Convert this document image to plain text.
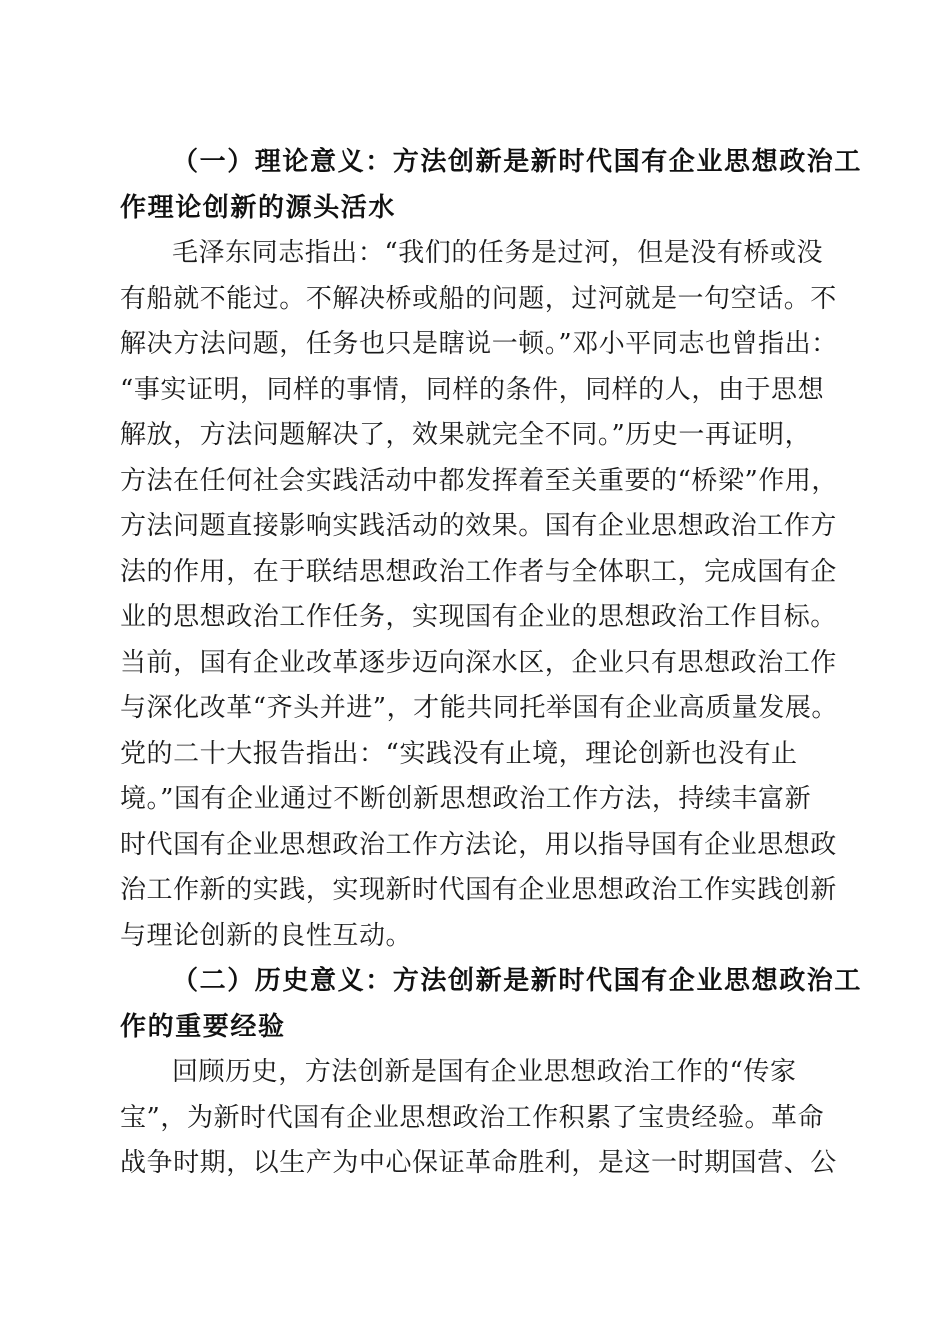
（一）理论意义：方法创新是新时代国有企业思想政治工
作理论创新的源头活水
毛泽东同志指出：“我们的任务是过河，但是没有桥或没
有船就不能过。不解决桥或船的问题，过河就是一句空话。不
解决方法问题，任务也只是瞎说一顿。”邓小平同志也曾指出：
“事实证明，同样的事情，同样的条件，同样的人，由于思想
解放，方法问题解决了，效果就完全不同。”历史一再证明，
方法在任何社会实践活动中都发挥着至关重要的“桥梁”作用，
方法问题直接影响实践活动的效果。国有企业思想政治工作方
法的作用，在于联结思想政治工作者与全体职工，完成国有企
业的思想政治工作任务，实现国有企业的思想政治工作目标。
当前，国有企业改革逐步迈向深水区，企业只有思想政治工作
与深化改革“齐头并进”，才能共同托举国有企业高质量发展。
党的二十大报告指出：“实践没有止境，理论创新也没有止
境。”国有企业通过不断创新思想政治工作方法，持续丰富新
时代国有企业思想政治工作方法论，用以指导国有企业思想政
治工作新的实践，实现新时代国有企业思想政治工作实践创新
与理论创新的良性互动。
（二）历史意义：方法创新是新时代国有企业思想政治工
作的重要经验
回顾历史，方法创新是国有企业思想政治工作的“传家
宝”，为新时代国有企业思想政治工作积累了宝贵经验。革命
战争时期，以生产为中心保证革命胜利，是这一时期国营、公
